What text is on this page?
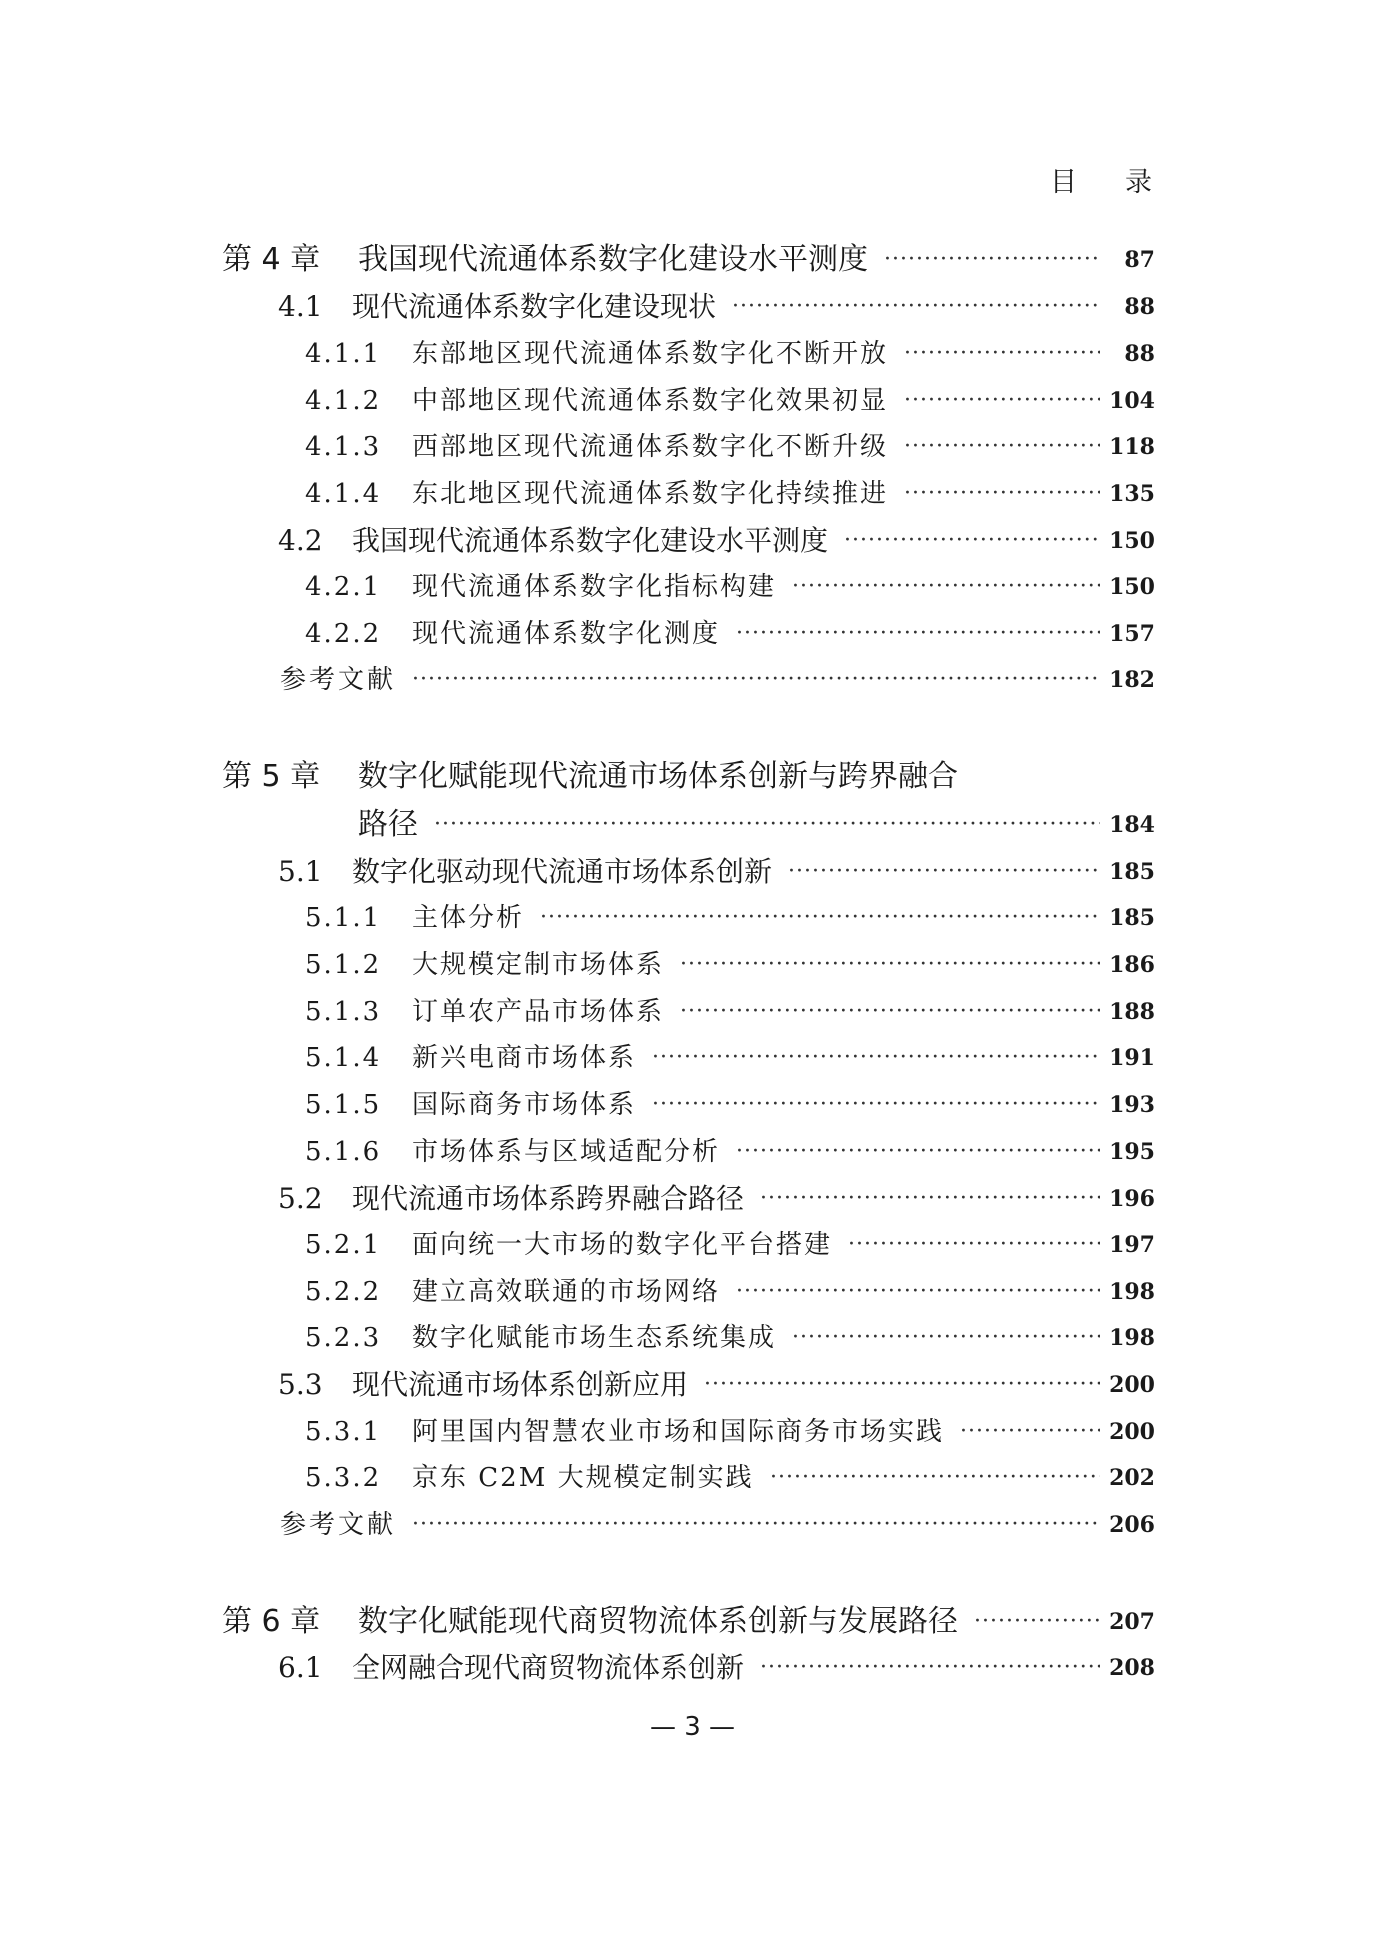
目 录
第 4 章 我国现代流通体系数字化建设水平测度 ·····	87
4.1 现代流通体系数字化建设现状 ·····	88
4.1.1 东部地区现代流通体系数字化不断开放 ·····	88
4.1.2 中部地区现代流通体系数字化效果初显 ·····	104
4.1.3 西部地区现代流通体系数字化不断升级 ·····	118
4.1.4 东北地区现代流通体系数字化持续推进 ·····	135
4.2 我国现代流通体系数字化建设水平测度 ·····	150
4.2.1 现代流通体系数字化指标构建 ·····	150
4.2.2 现代流通体系数字化测度 ·····	157
参考文献 ·····	182
第 5 章 数字化赋能现代流通市场体系创新与跨界融合
路径 ·····	184
5.1 数字化驱动现代流通市场体系创新 ·····	185
5.1.1 主体分析 ·····	185
5.1.2 大规模定制市场体系 ·····	186
5.1.3 订单农产品市场体系 ·····	188
5.1.4 新兴电商市场体系 ·····	191
5.1.5 国际商务市场体系 ·····	193
5.1.6 市场体系与区域适配分析 ·····	195
5.2 现代流通市场体系跨界融合路径 ·····	196
5.2.1 面向统一大市场的数字化平台搭建 ·····	197
5.2.2 建立高效联通的市场网络 ·····	198
5.2.3 数字化赋能市场生态系统集成 ·····	198
5.3 现代流通市场体系创新应用 ·····	200
5.3.1 阿里国内智慧农业市场和国际商务市场实践 ·····	200
5.3.2 京东 C2M 大规模定制实践 ·····	202
参考文献 ·····	206
第 6 章 数字化赋能现代商贸物流体系创新与发展路径 ·····	207
6.1 全网融合现代商贸物流体系创新 ·····	208
— 3 —
